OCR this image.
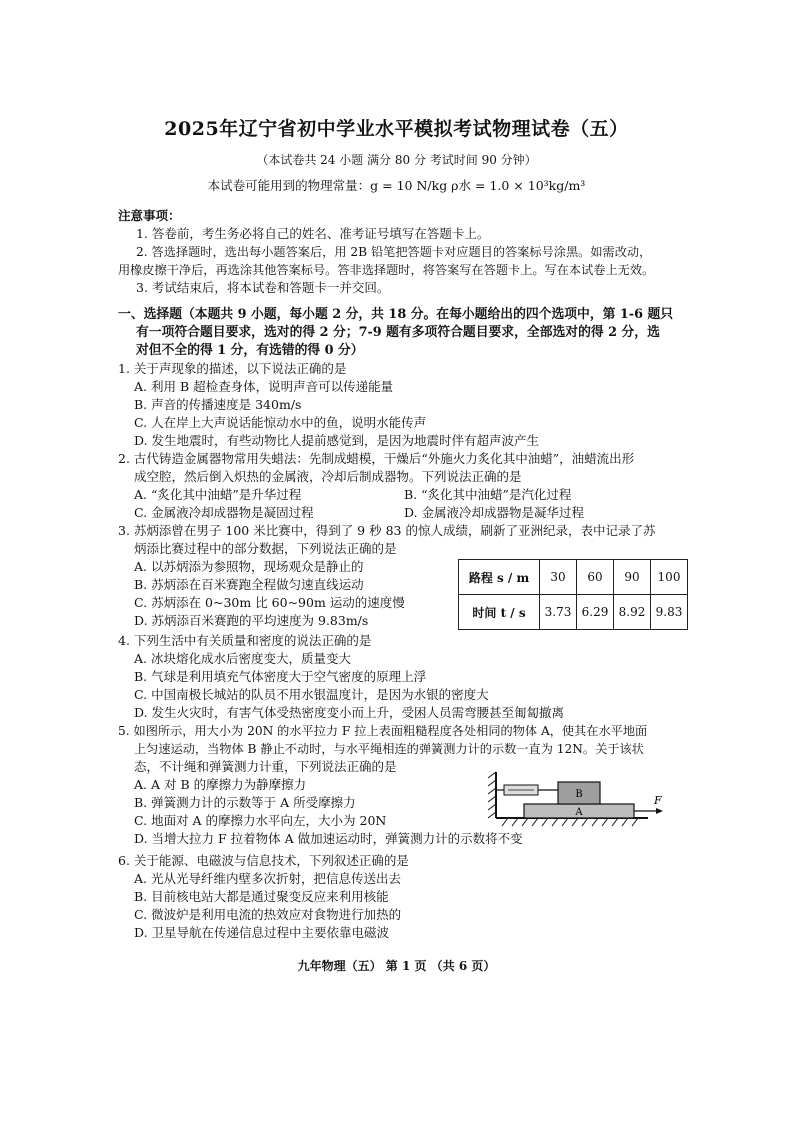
2025年辽宁省初中学业水平模拟考试物理试卷（五）
（本试卷共 24 小题 满分 80 分 考试时间 90 分钟）
本试卷可能用到的物理常量：g = 10 N/kg ρ水 = 1.0 × 10³kg/m³
注意事项：
1. 答卷前，考生务必将自己的姓名、准考证号填写在答题卡上。
2. 答选择题时，选出每小题答案后，用 2B 铅笔把答题卡对应题目的答案标号涂黑。如需改动，
用橡皮擦干净后，再选涂其他答案标号。答非选择题时，将答案写在答题卡上。写在本试卷上无效。
3. 考试结束后，将本试卷和答题卡一并交回。
一、选择题（本题共 9 小题，每小题 2 分，共 18 分。在每小题给出的四个选项中，第 1-6 题只
有一项符合题目要求，选对的得 2 分；7-9 题有多项符合题目要求，全部选对的得 2 分，选
对但不全的得 1 分，有选错的得 0 分）
1. 关于声现象的描述，以下说法正确的是
A. 利用 B 超检查身体，说明声音可以传递能量
B. 声音的传播速度是 340m/s
C. 人在岸上大声说话能惊动水中的鱼，说明水能传声
D. 发生地震时，有些动物比人提前感觉到，是因为地震时伴有超声波产生
2. 古代铸造金属器物常用失蜡法：先制成蜡模，干燥后“外施火力炙化其中油蜡”，油蜡流出形
成空腔，然后倒入炽热的金属液，冷却后制成器物。下列说法正确的是
A. “炙化其中油蜡”是升华过程	B. “炙化其中油蜡”是汽化过程
C. 金属液冷却成器物是凝固过程	D. 金属液冷却成器物是凝华过程
3. 苏炳添曾在男子 100 米比赛中，得到了 9 秒 83 的惊人成绩，刷新了亚洲纪录，表中记录了苏
炳添比赛过程中的部分数据，下列说法正确的是
A. 以苏炳添为参照物，现场观众是静止的
B. 苏炳添在百米赛跑全程做匀速直线运动
C. 苏炳添在 0~30m 比 60~90m 运动的速度慢
D. 苏炳添百米赛跑的平均速度为 9.83m/s
路程 s / m	30	60	90	100
时间 t / s	3.73	6.29	8.92	9.83
4. 下列生活中有关质量和密度的说法正确的是
A. 冰块熔化成水后密度变大，质量变大
B. 气球是利用填充气体密度大于空气密度的原理上浮
C. 中国南极长城站的队员不用水银温度计，是因为水银的密度大
D. 发生火灾时，有害气体受热密度变小而上升，受困人员需弯腰甚至匍匐撤离
5. 如图所示，用大小为 20N 的水平拉力 F 拉上表面粗糙程度各处相同的物体 A，使其在水平地面
上匀速运动，当物体 B 静止不动时，与水平绳相连的弹簧测力计的示数一直为 12N。关于该状
态，不计绳和弹簧测力计重，下列说法正确的是
A. A 对 B 的摩擦力为静摩擦力
B. 弹簧测力计的示数等于 A 所受摩擦力
C. 地面对 A 的摩擦力水平向左，大小为 20N
D. 当增大拉力 F 拉着物体 A 做加速运动时，弹簧测力计的示数将不变
A
B	F
6. 关于能源、电磁波与信息技术，下列叙述正确的是
A. 光从光导纤维内壁多次折射，把信息传送出去
B. 目前核电站大都是通过聚变反应来利用核能
C. 微波炉是利用电流的热效应对食物进行加热的
D. 卫星导航在传递信息过程中主要依靠电磁波
九年物理（五） 第 1 页 （共 6 页）
